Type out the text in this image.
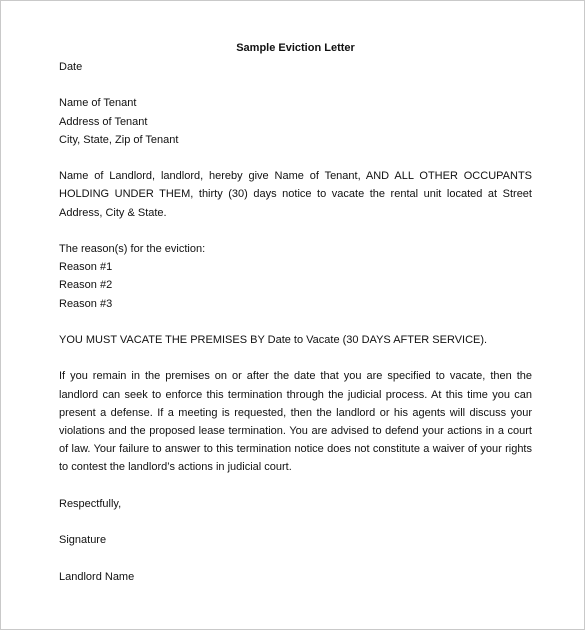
Sample Eviction Letter
Date
Name of Tenant
Address of Tenant
City, State, Zip of Tenant

Name of Landlord, landlord, hereby give Name of Tenant, AND ALL OTHER OCCUPANTS HOLDING UNDER THEM, thirty (30) days notice to vacate the rental unit located at Street Address, City & State.

The reason(s) for the eviction:
Reason #1
Reason #2
Reason #3
YOU MUST VACATE THE PREMISES BY Date to Vacate (30 DAYS AFTER SERVICE).

If you remain in the premises on or after the date that you are specified to vacate, then the landlord can seek to enforce this termination through the judicial process. At this time you can present a defense. If a meeting is requested, then the landlord or his agents will discuss your violations and the proposed lease termination. You are advised to defend your actions in a court of law. Your failure to answer to this termination notice does not constitute a waiver of your rights to contest the landlord’s actions in judicial court.

Respectfully,
Signature
Landlord Name
